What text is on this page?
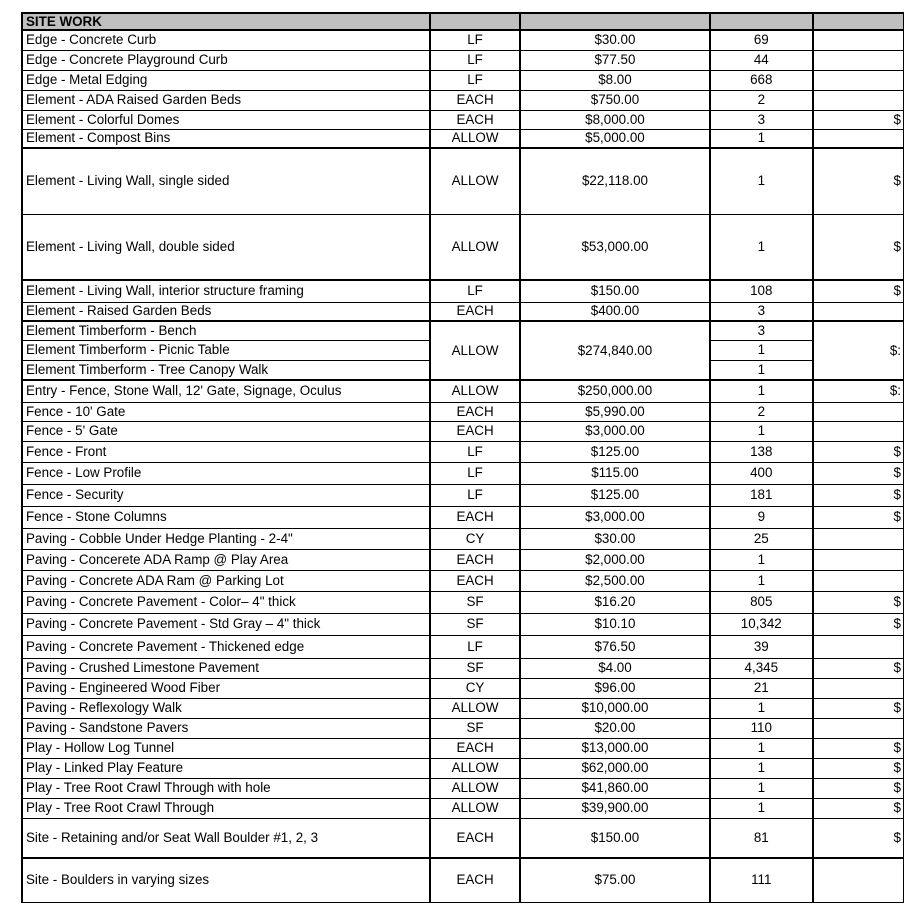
SITE WORK				
Edge - Concrete Curb	LF	$30.00	69	
Edge - Concrete Playground Curb	LF	$77.50	44	
Edge - Metal Edging	LF	$8.00	668	
Element - ADA Raised Garden Beds	EACH	$750.00	2	
Element - Colorful Domes	EACH	$8,000.00	3	$
Element - Compost Bins	ALLOW	$5,000.00	1	
Element - Living Wall, single sided	ALLOW	$22,118.00	1	$
Element - Living Wall, double sided	ALLOW	$53,000.00	1	$
Element - Living Wall, interior structure framing	LF	$150.00	108	$
Element - Raised Garden Beds	EACH	$400.00	3	
Element Timberform - Bench	ALLOW	$274,840.00	3	$:
Element Timberform - Picnic Table			1	
Element Timberform - Tree Canopy Walk			1	
Entry - Fence, Stone Wall, 12' Gate, Signage, Oculus	ALLOW	$250,000.00	1	$:
Fence - 10' Gate	EACH	$5,990.00	2	
Fence - 5' Gate	EACH	$3,000.00	1	
Fence - Front	LF	$125.00	138	$
Fence - Low Profile	LF	$115.00	400	$
Fence - Security	LF	$125.00	181	$
Fence - Stone Columns	EACH	$3,000.00	9	$
Paving - Cobble Under Hedge Planting - 2-4"	CY	$30.00	25	
Paving - Concerete ADA Ramp @ Play Area	EACH	$2,000.00	1	
Paving - Concrete ADA Ram @ Parking Lot	EACH	$2,500.00	1	
Paving - Concrete Pavement - Color– 4" thick	SF	$16.20	805	$
Paving - Concrete Pavement - Std Gray – 4" thick	SF	$10.10	10,342	$
Paving - Concrete Pavement - Thickened edge	LF	$76.50	39	
Paving - Crushed Limestone Pavement	SF	$4.00	4,345	$
Paving - Engineered Wood Fiber	CY	$96.00	21	
Paving - Reflexology Walk	ALLOW	$10,000.00	1	$
Paving - Sandstone Pavers	SF	$20.00	110	
Play - Hollow Log Tunnel	EACH	$13,000.00	1	$
Play - Linked Play Feature	ALLOW	$62,000.00	1	$
Play - Tree Root Crawl Through with hole	ALLOW	$41,860.00	1	$
Play - Tree Root Crawl Through	ALLOW	$39,900.00	1	$
Site - Retaining and/or Seat Wall Boulder #1, 2, 3	EACH	$150.00	81	$
Site - Boulders in varying sizes	EACH	$75.00	111	
